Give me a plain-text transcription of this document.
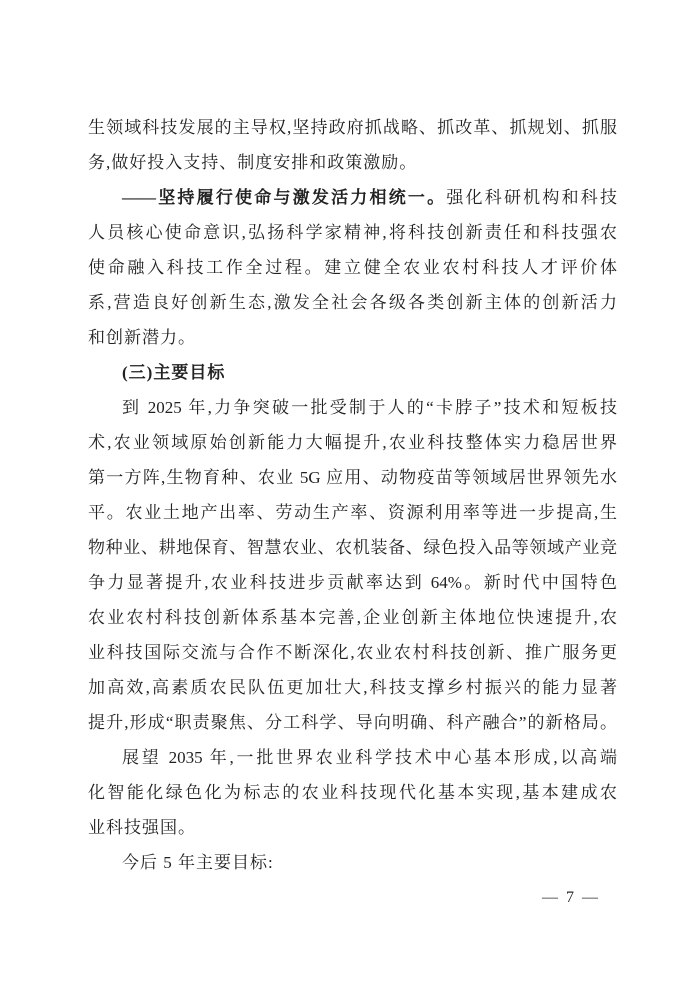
生领域科技发展的主导权,坚持政府抓战略、抓改革、抓规划、抓服
务,做好投入支持、制度安排和政策激励。
——坚持履行使命与激发活力相统一。强化科研机构和科技
人员核心使命意识,弘扬科学家精神,将科技创新责任和科技强农
使命融入科技工作全过程。建立健全农业农村科技人才评价体
系,营造良好创新生态,激发全社会各级各类创新主体的创新活力
和创新潜力。
(三)主要目标
到 2025 年,力争突破一批受制于人的“卡脖子”技术和短板技
术,农业领域原始创新能力大幅提升,农业科技整体实力稳居世界
第一方阵,生物育种、农业 5G 应用、动物疫苗等领域居世界领先水
平。农业土地产出率、劳动生产率、资源利用率等进一步提高,生
物种业、耕地保育、智慧农业、农机装备、绿色投入品等领域产业竞
争力显著提升,农业科技进步贡献率达到 64%。新时代中国特色
农业农村科技创新体系基本完善,企业创新主体地位快速提升,农
业科技国际交流与合作不断深化,农业农村科技创新、推广服务更
加高效,高素质农民队伍更加壮大,科技支撑乡村振兴的能力显著
提升,形成“职责聚焦、分工科学、导向明确、科产融合”的新格局。
展望 2035 年,一批世界农业科学技术中心基本形成,以高端
化智能化绿色化为标志的农业科技现代化基本实现,基本建成农
业科技强国。
今后 5 年主要目标:
— 7 —
